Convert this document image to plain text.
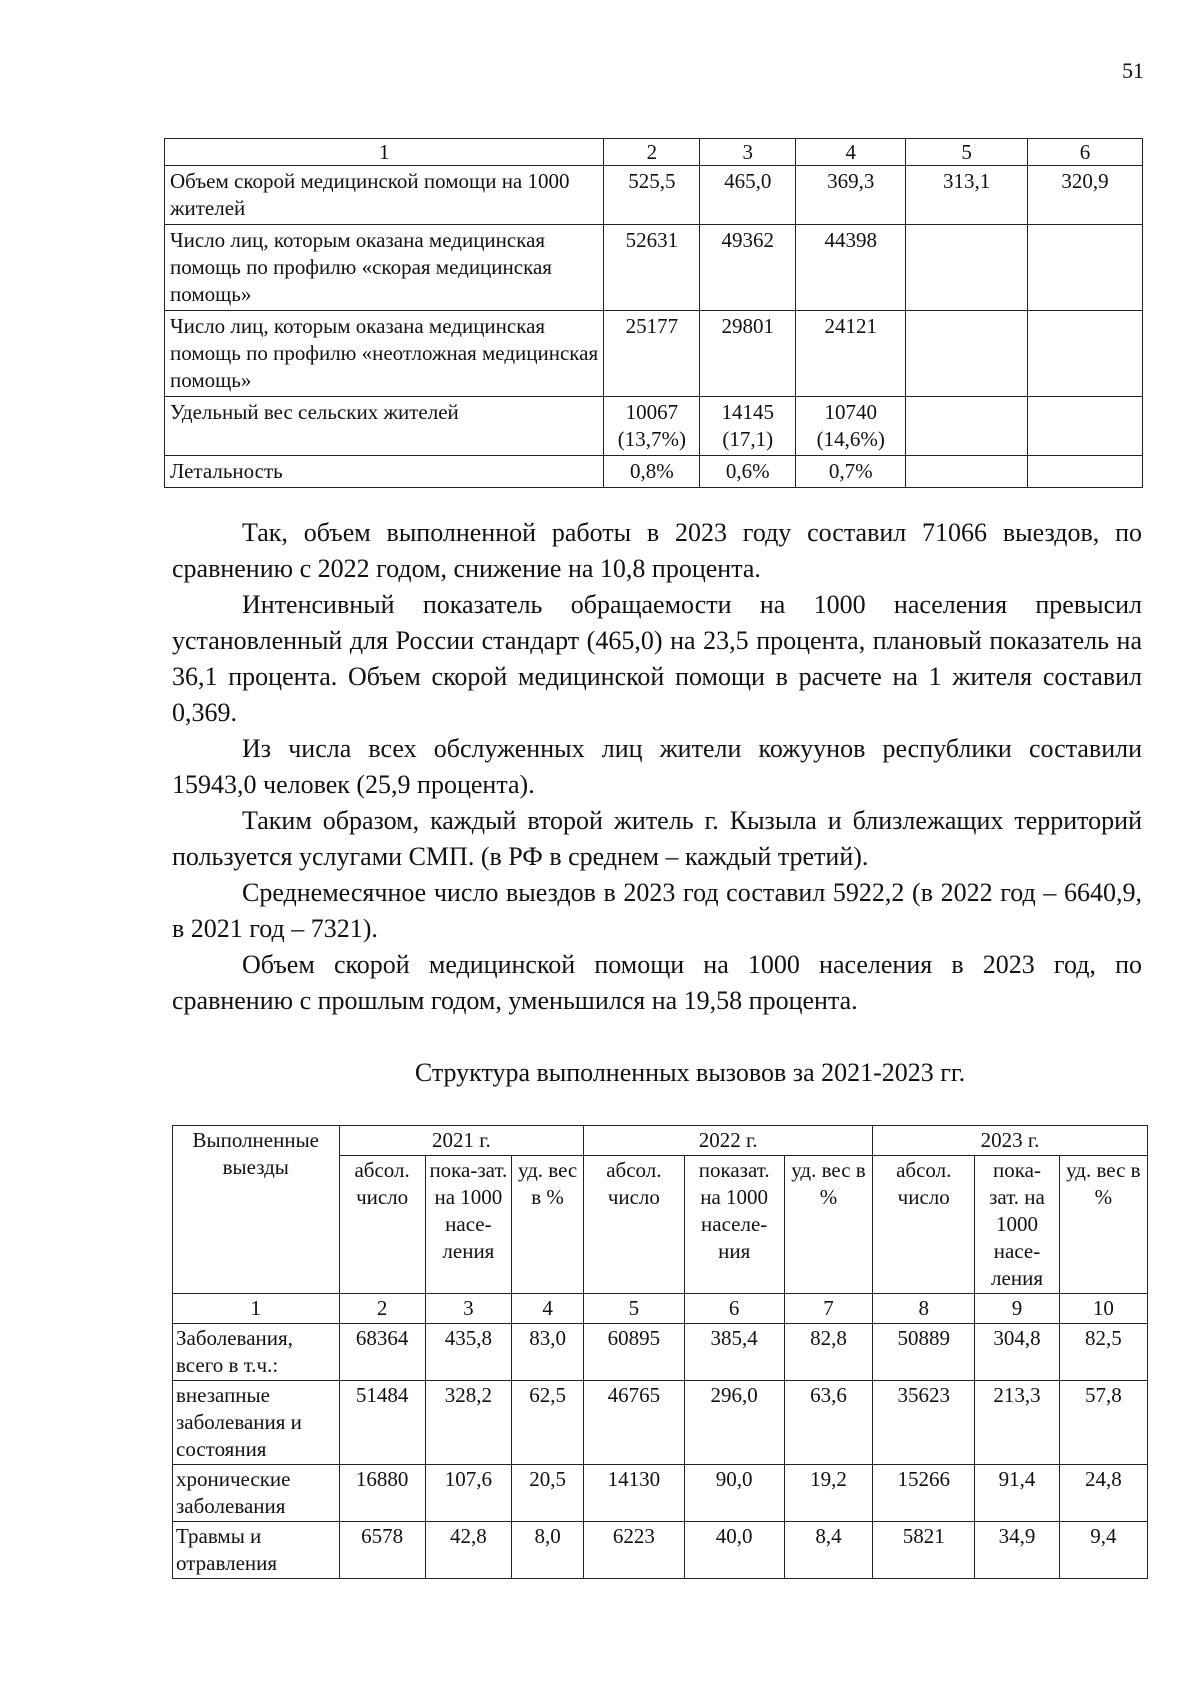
51
1	2	3	4	5	6
Объем скорой медицинской помощи на 1000 жителей	525,5	465,0	369,3	313,1	320,9
Число лиц, которым оказана медицинская помощь по профилю «скорая медицинская помощь»	52631	49362	44398		
Число лиц, которым оказана медицинская помощь по профилю «неотложная медицинская помощь»	25177	29801	24121		
Удельный вес сельских жителей	10067 (13,7%)	14145 (17,1)	10740 (14,6%)		
Летальность	0,8%	0,6%	0,7%		

Так, объем выполненной работы в 2023 году составил 71066 выездов, по сравнению с 2022 годом, снижение на 10,8 процента.

Интенсивный показатель обращаемости на 1000 населения превысил установленный для России стандарт (465,0) на 23,5 процента, плановый показатель на 36,1 процента. Объем скорой медицинской помощи в расчете на 1 жителя составил 0,369.

Из числа всех обслуженных лиц жители кожуунов республики составили 15943,0 человек (25,9 процента).

Таким образом, каждый второй житель г. Кызыла и близлежащих территорий пользуется услугами СМП. (в РФ в среднем – каждый третий).

Среднемесячное число выездов в 2023 год составил 5922,2 (в 2022 год – 6640,9, в 2021 год – 7321).

Объем скорой медицинской помощи на 1000 населения в 2023 год, по сравнению с прошлым годом, уменьшился на 19,58 процента.

Структура выполненных вызовов за 2021-2023 гг.
Выполненные выезды	2021 г.			2022 г.			2023 г.		
	абсол. число	пока-зат. на 1000 насе-ления	уд. вес в %	абсол. число	показат. на 1000 населе-ния	уд. вес в %	абсол. число	пока-зат. на 1000 насе-ления	уд. вес в %
1	2	3	4	5	6	7	8	9	10
Заболевания, всего в т.ч.:	68364	435,8	83,0	60895	385,4	82,8	50889	304,8	82,5
внезапные заболевания и состояния	51484	328,2	62,5	46765	296,0	63,6	35623	213,3	57,8
хронические заболевания	16880	107,6	20,5	14130	90,0	19,2	15266	91,4	24,8
Травмы и отравления	6578	42,8	8,0	6223	40,0	8,4	5821	34,9	9,4
